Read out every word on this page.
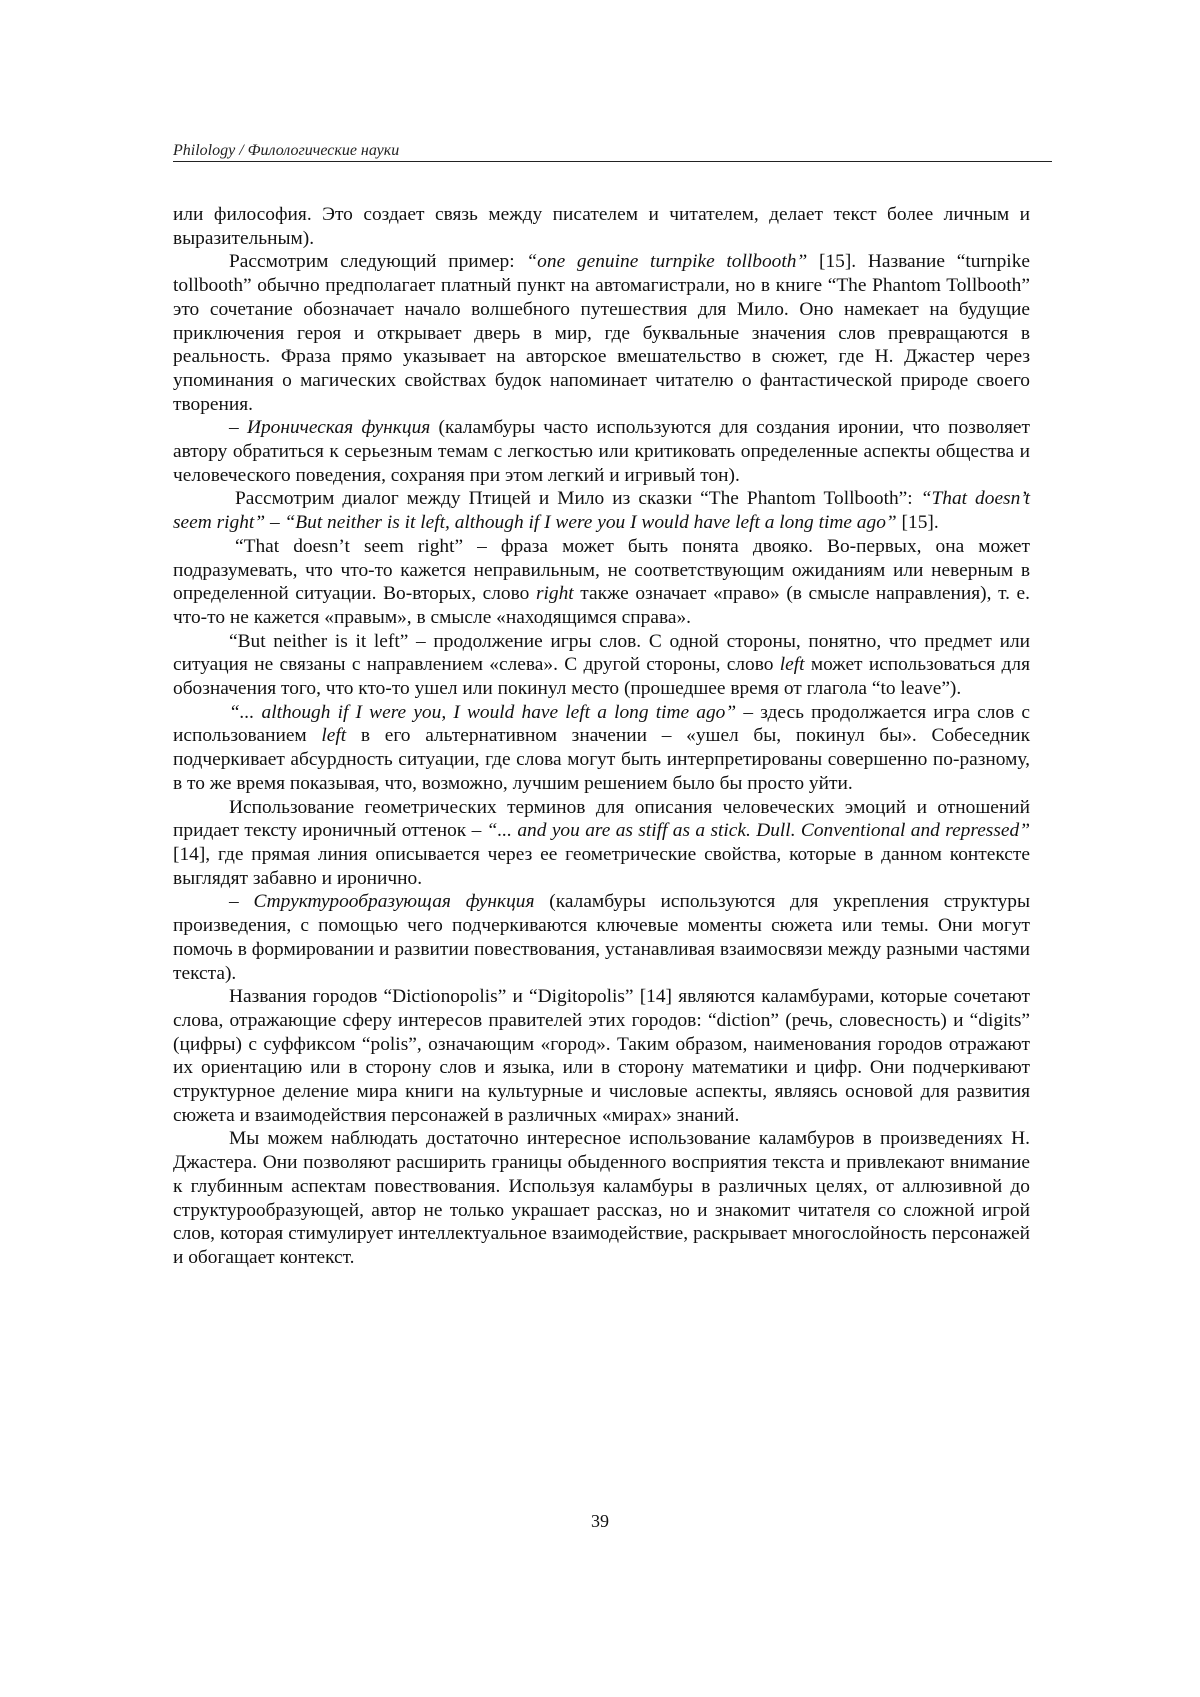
Philology / Филологические науки

или философия. Это создает связь между писателем и читателем, делает текст более личным и выразительным).

Рассмотрим следующий пример: “one genuine turnpike tollbooth” [15]. Название “turnpike tollbooth” обычно предполагает платный пункт на автомагистрали, но в книге “The Phantom Tollbooth” это сочетание обозначает начало волшебного путешествия для Мило. Оно намекает на будущие приключения героя и открывает дверь в мир, где буквальные значения слов превращаются в реальность. Фраза прямо указывает на авторское вмешательство в сюжет, где Н. Джастер через упоминания о магических свойствах будок напоминает читателю о фантастической природе своего творения.

– Ироническая функция (каламбуры часто используются для создания иронии, что позволяет автору обратиться к серьезным темам с легкостью или критиковать определенные аспекты общества и человеческого поведения, сохраняя при этом легкий и игривый тон).

Рассмотрим диалог между Птицей и Мило из сказки “The Phantom Tollbooth”: “That doesn’t seem right” – “But neither is it left, although if I were you I would have left a long time ago” [15].

“That doesn’t seem right” – фраза может быть понята двояко. Во-первых, она может подразумевать, что что-то кажется неправильным, не соответствующим ожиданиям или неверным в определенной ситуации. Во-вторых, слово right также означает «право» (в смысле направления), т. е. что-то не кажется «правым», в смысле «находящимся справа».

“But neither is it left” – продолжение игры слов. С одной стороны, понятно, что предмет или ситуация не связаны с направлением «слева». С другой стороны, слово left может использоваться для обозначения того, что кто-то ушел или покинул место (прошедшее время от глагола “to leave”).

“... although if I were you, I would have left a long time ago” – здесь продолжается игра слов с использованием left в его альтернативном значении – «ушел бы, покинул бы». Собеседник подчеркивает абсурдность ситуации, где слова могут быть интерпретированы совершенно по-разному, в то же время показывая, что, возможно, лучшим решением было бы просто уйти.

Использование геометрических терминов для описания человеческих эмоций и отношений придает тексту ироничный оттенок – “... and you are as stiff as a stick. Dull. Conventional and repressed” [14], где прямая линия описывается через ее геометрические свойства, которые в данном контексте выглядят забавно и иронично.

– Структурообразующая функция (каламбуры используются для укрепления структуры произведения, с помощью чего подчеркиваются ключевые моменты сюжета или темы. Они могут помочь в формировании и развитии повествования, устанавливая взаимосвязи между разными частями текста).

Названия городов “Dictionopolis” и “Digitopolis” [14] являются каламбурами, которые сочетают слова, отражающие сферу интересов правителей этих городов: “diction” (речь, словесность) и “digits” (цифры) с суффиксом “polis”, означающим «город». Таким образом, наименования городов отражают их ориентацию или в сторону слов и языка, или в сторону математики и цифр. Они подчеркивают структурное деление мира книги на культурные и числовые аспекты, являясь основой для развития сюжета и взаимодействия персонажей в различных «мирах» знаний.

Мы можем наблюдать достаточно интересное использование каламбуров в произведениях Н. Джастера. Они позволяют расширить границы обыденного восприятия текста и привлекают внимание к глубинным аспектам повествования. Используя каламбуры в различных целях, от аллюзивной до структурообразующей, автор не только украшает рассказ, но и знакомит читателя со сложной игрой слов, которая стимулирует интеллектуальное взаимодействие, раскрывает многослойность персонажей и обогащает контекст.

39
